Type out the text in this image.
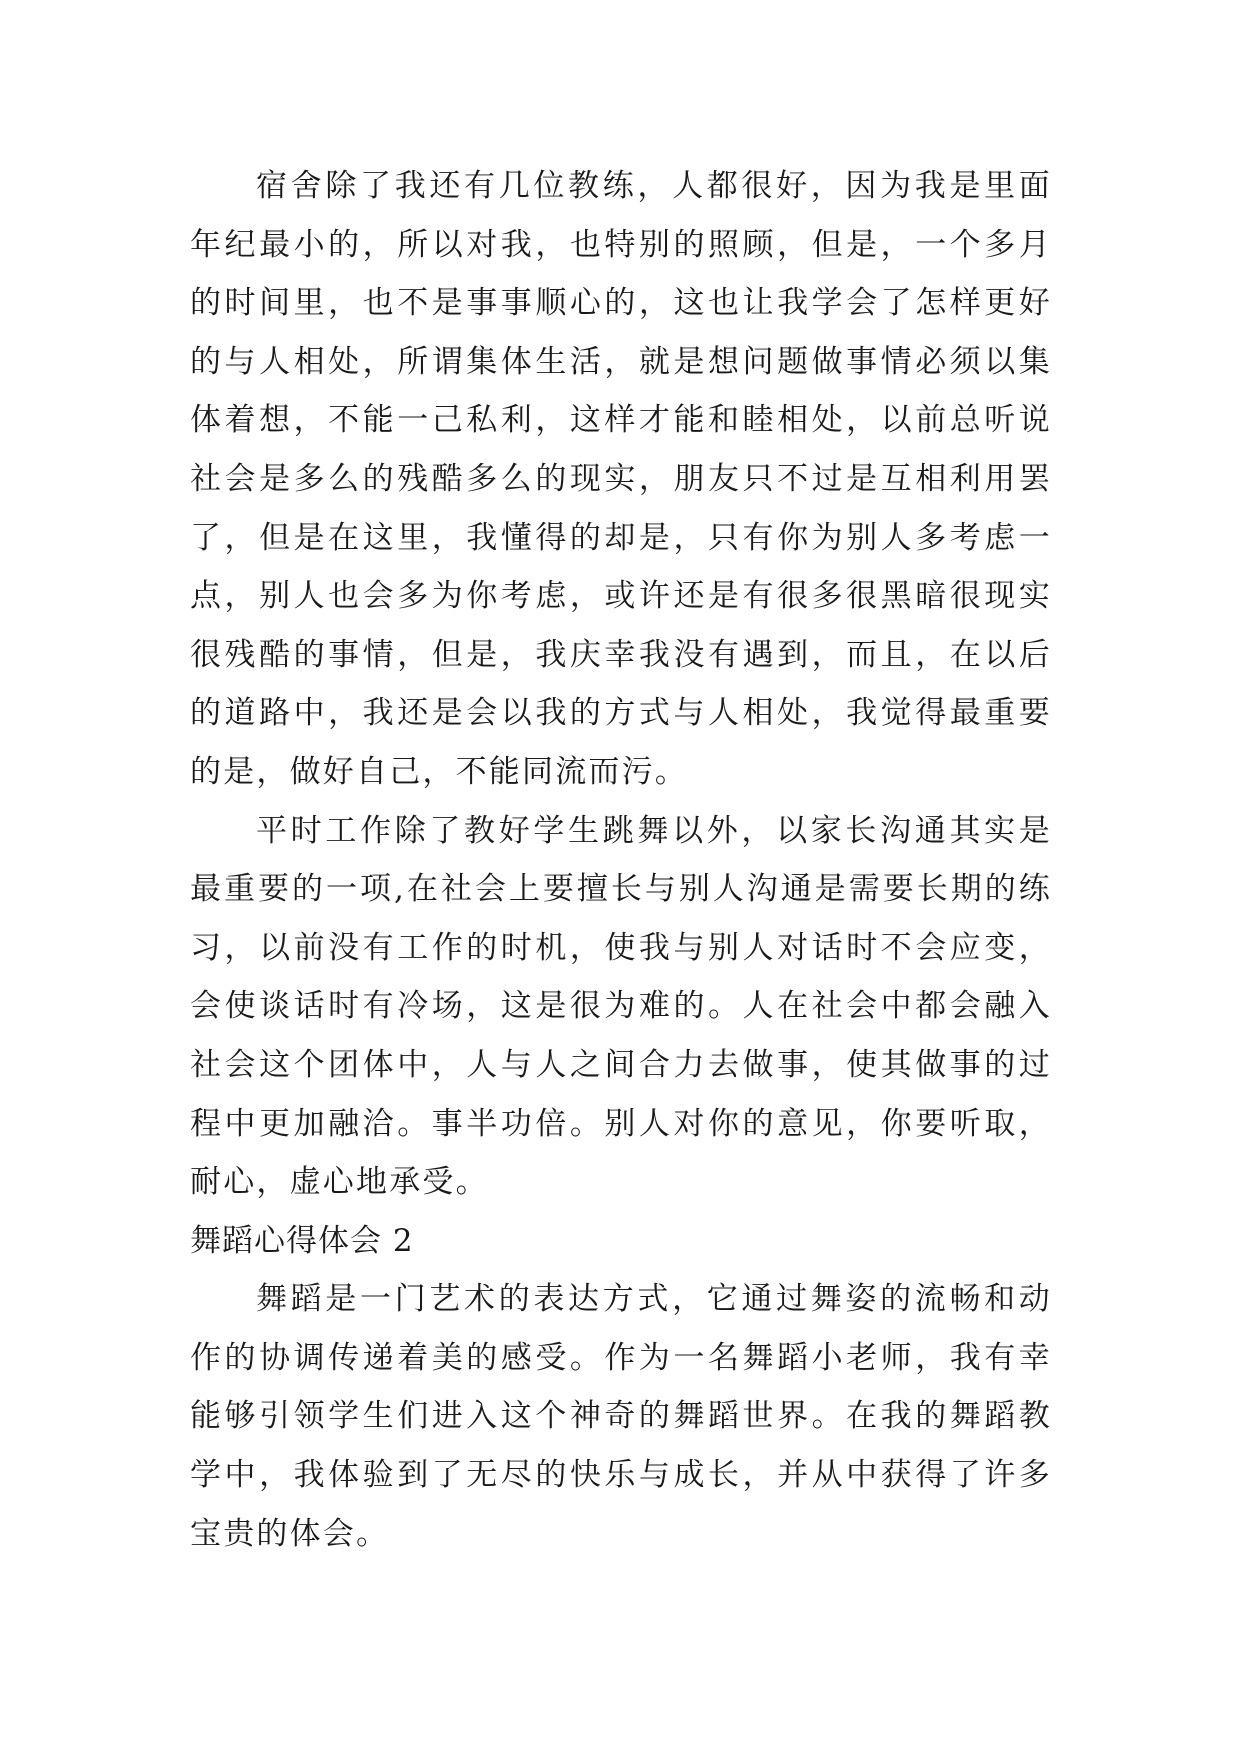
宿舍除了我还有几位教练，人都很好，因为我是里面年纪最小的，所以对我，也特别的照顾，但是，一个多月的时间里，也不是事事顺心的，这也让我学会了怎样更好的与人相处，所谓集体生活，就是想问题做事情必须以集体着想，不能一己私利，这样才能和睦相处，以前总听说社会是多么的残酷多么的现实，朋友只不过是互相利用罢了，但是在这里，我懂得的却是，只有你为别人多考虑一点，别人也会多为你考虑，或许还是有很多很黑暗很现实很残酷的事情，但是，我庆幸我没有遇到，而且，在以后的道路中，我还是会以我的方式与人相处，我觉得最重要的是，做好自己，不能同流而污。

平时工作除了教好学生跳舞以外，以家长沟通其实是最重要的一项,在社会上要擅长与别人沟通是需要长期的练习，以前没有工作的时机，使我与别人对话时不会应变，会使谈话时有冷场，这是很为难的。人在社会中都会融入社会这个团体中，人与人之间合力去做事，使其做事的过程中更加融洽。事半功倍。别人对你的意见，你要听取，耐心，虚心地承受。

舞蹈心得体会 2

舞蹈是一门艺术的表达方式，它通过舞姿的流畅和动作的协调传递着美的感受。作为一名舞蹈小老师，我有幸能够引领学生们进入这个神奇的舞蹈世界。在我的舞蹈教学中，我体验到了无尽的快乐与成长，并从中获得了许多宝贵的体会。
